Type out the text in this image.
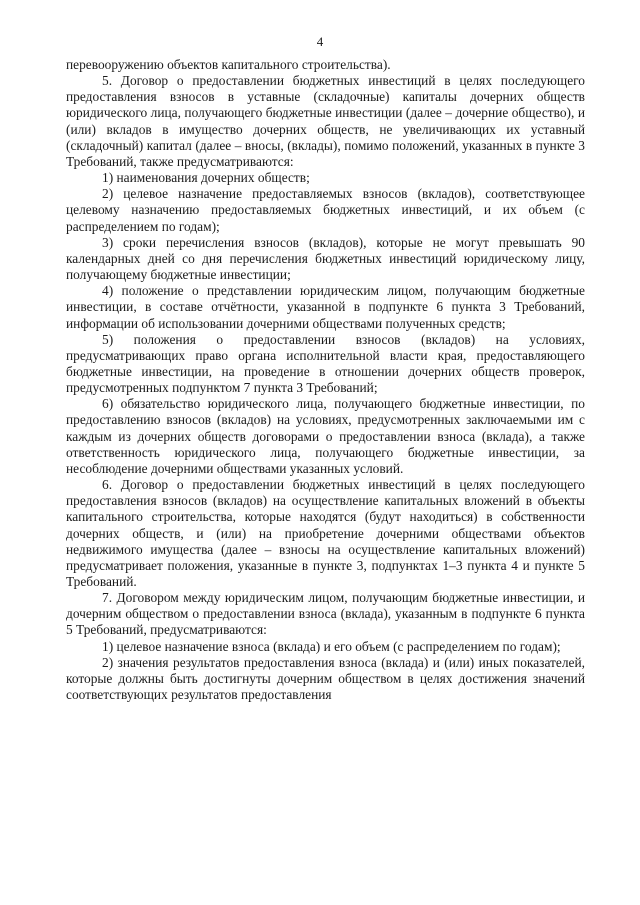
4

перевооружению объектов капитального строительства).

5. Договор о предоставлении бюджетных инвестиций в целях последующего предоставления взносов в уставные (складочные) капиталы дочерних обществ юридического лица, получающего бюджетные инвестиции (далее – дочерние общество), и (или) вкладов в имущество дочерних обществ, не увеличивающих их уставный (складочный) капитал (далее – вносы, (вклады), помимо положений, указанных в пункте 3 Требований, также предусматриваются:

1) наименования дочерних обществ;

2) целевое назначение предоставляемых взносов (вкладов), соответствующее целевому назначению предоставляемых бюджетных инвестиций, и их объем (с распределением по годам);

3) сроки перечисления взносов (вкладов), которые не могут превышать 90 календарных дней со дня перечисления бюджетных инвестиций юридическому лицу, получающему бюджетные инвестиции;

4) положение о представлении юридическим лицом, получающим бюджетные инвестиции, в составе отчётности, указанной в подпункте 6 пункта 3 Требований, информации об использовании дочерними обществами полученных средств;

5) положения о предоставлении взносов (вкладов) на условиях, предусматривающих право органа исполнительной власти края, предоставляющего бюджетные инвестиции, на проведение в отношении дочерних обществ проверок, предусмотренных подпунктом 7 пункта 3 Требований;

6) обязательство юридического лица, получающего бюджетные инвестиции, по предоставлению взносов (вкладов) на условиях, предусмотренных заключаемыми им с каждым из дочерних обществ договорами о предоставлении взноса (вклада), а также ответственность юридического лица, получающего бюджетные инвестиции, за несоблюдение дочерними обществами указанных условий.

6. Договор о предоставлении бюджетных инвестиций в целях последующего предоставления взносов (вкладов) на осуществление капитальных вложений в объекты капитального строительства, которые находятся (будут находиться) в собственности дочерних обществ, и (или) на приобретение дочерними обществами объектов недвижимого имущества (далее – взносы на осуществление капитальных вложений) предусматривает положения, указанные в пункте 3, подпунктах 1–3 пункта 4 и пункте 5 Требований.

7. Договором между юридическим лицом, получающим бюджетные инвестиции, и дочерним обществом о предоставлении взноса (вклада), указанным в подпункте 6 пункта 5 Требований, предусматриваются:

1) целевое назначение взноса (вклада) и его объем (с распределением по годам);

2) значения результатов предоставления взноса (вклада) и (или) иных показателей, которые должны быть достигнуты дочерним обществом в целях достижения значений соответствующих результатов предоставления
